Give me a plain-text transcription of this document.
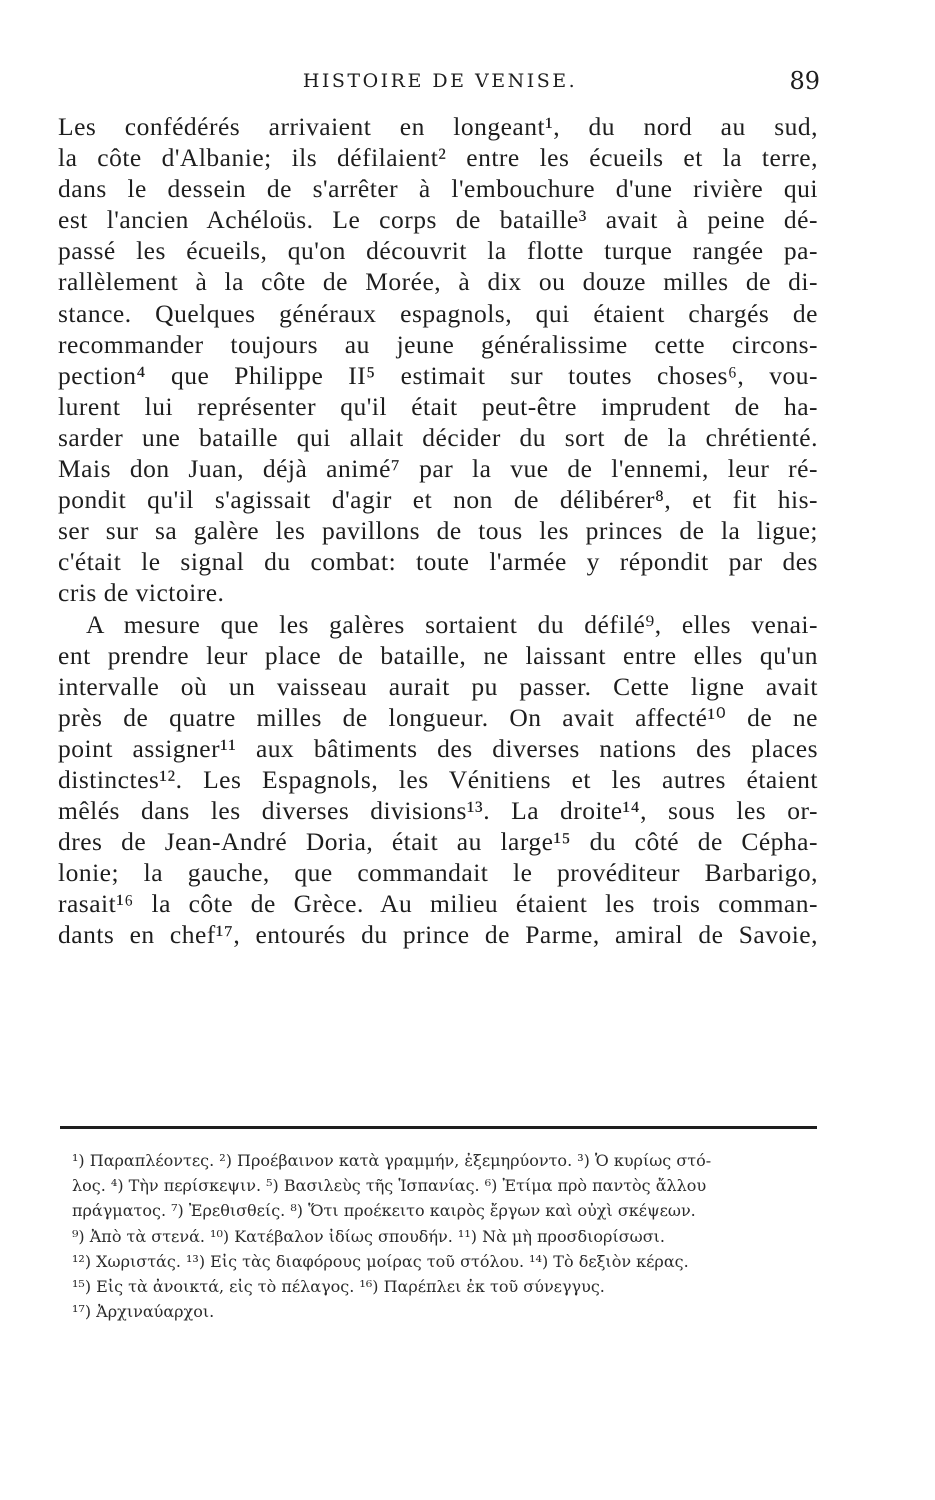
HISTOIRE DE VENISE.	89
Les confédérés arrivaient en longeant¹, du nord au sud,
la côte d'Albanie; ils défilaient² entre les écueils et la terre,
dans le dessein de s'arrêter à l'embouchure d'une rivière qui
est l'ancien Achéloüs. Le corps de bataille³ avait à peine dé-
passé les écueils, qu'on découvrit la flotte turque rangée pa-
rallèlement à la côte de Morée, à dix ou douze milles de di-
stance. Quelques généraux espagnols, qui étaient chargés de
recommander toujours au jeune généralissime cette circons-
pection⁴ que Philippe II⁵ estimait sur toutes choses⁶, vou-
lurent lui représenter qu'il était peut-être imprudent de ha-
sarder une bataille qui allait décider du sort de la chrétienté.
Mais don Juan, déjà animé⁷ par la vue de l'ennemi, leur ré-
pondit qu'il s'agissait d'agir et non de délibérer⁸, et fit his-
ser sur sa galère les pavillons de tous les princes de la ligue;
c'était le signal du combat: toute l'armée y répondit par des
cris de victoire.
A mesure que les galères sortaient du défilé⁹, elles venai-
ent prendre leur place de bataille, ne laissant entre elles qu'un
intervalle où un vaisseau aurait pu passer. Cette ligne avait
près de quatre milles de longueur. On avait affecté¹⁰ de ne
point assigner¹¹ aux bâtiments des diverses nations des places
distinctes¹². Les Espagnols, les Vénitiens et les autres étaient
mêlés dans les diverses divisions¹³. La droite¹⁴, sous les or-
dres de Jean-André Doria, était au large¹⁵ du côté de Cépha-
lonie; la gauche, que commandait le provéditeur Barbarigo,
rasait¹⁶ la côte de Grèce. Au milieu étaient les trois comman-
dants en chef¹⁷, entourés du prince de Parme, amiral de Savoie,
¹) Παραπλέοντες. ²) Προέβαινον κατὰ γραμμήν, ἐξεμηρύοντο. ³) Ὁ κυρίως στό-
λος. ⁴) Τὴν περίσκεψιν. ⁵) Βασιλεὺς τῆς Ἱσπανίας. ⁶) Ἐτίμα πρὸ παντὸς ἄλλου
πράγματος. ⁷) Ἐρεθισθείς. ⁸) Ὅτι προέκειτο καιρὸς ἔργων καὶ οὐχὶ σκέψεων.
⁹) Ἀπὸ τὰ στενά. ¹⁰) Κατέβαλον ἰδίως σπουδήν. ¹¹) Νὰ μὴ προσδιορίσωσι.
¹²) Χωριστάς. ¹³) Εἰς τὰς διαφόρους μοίρας τοῦ στόλου. ¹⁴) Τὸ δεξιὸν κέρας.
¹⁵) Εἰς τὰ ἀνοικτά, εἰς τὸ πέλαγος. ¹⁶) Παρέπλει ἐκ τοῦ σύνεγγυς.
¹⁷) Ἀρχιναύαρχοι.
